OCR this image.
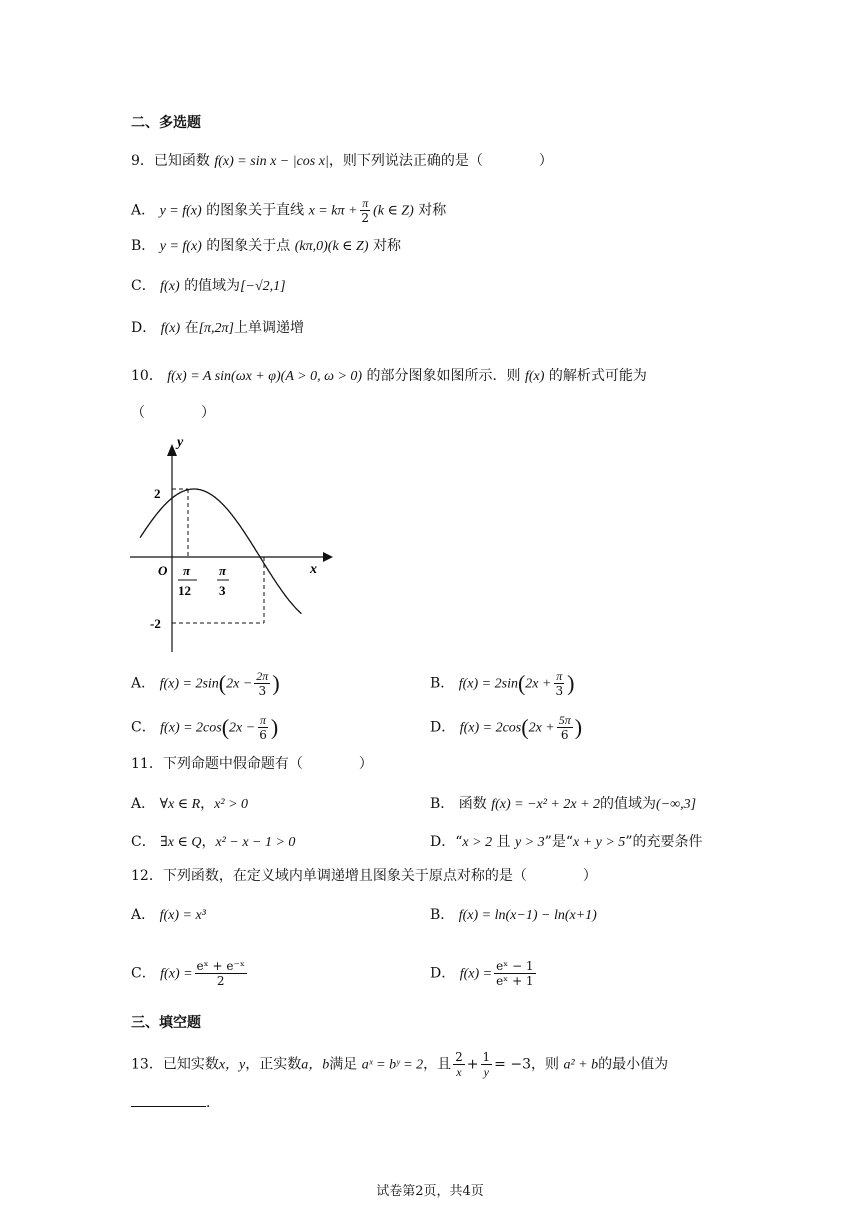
二、多选题
9．已知函数 f(x) = sin x − |cos x|，则下列说法正确的是（　　　　）
A． y = f(x) 的图象关于直线 $x = k\pi + \frac{\pi}{2} (k$ ∈ Z) 对称
B． y = f(x) 的图象关于点 (kπ,0)(k ∈ Z) 对称
C． f(x) 的值域为[−√2,1]
D． f(x) 在[π,2π]上单调递增
10． f(x) = A sin(ωx + φ)(A > 0, ω > 0) 的部分图象如图所示．则 f(x) 的解析式可能为
（　　　　）
y
x
O
2
-2
π
12
π
3
A． $f(x) = 2\sin(2x - \frac{2\pi}{3}$ )	B． $f(x) = 2\sin(2x + \frac{\pi}{3}$ )
C． $f(x) = 2\cos(2x - \frac{\pi}{6}$ )	D． $f(x) = 2\cos(2x + \frac{5\pi}{6}$ )
11．下列命题中假命题有（　　　　）
A． ∀x ∈ R，x² > 0	B． 函数 f(x) = −x² + 2x + 2的值域为(−∞,3]
C． ∃x ∈ Q，x² − x − 1 > 0	D．“x > 2 且 y > 3”是“x + y > 5”的充要条件
12．下列函数，在定义域内单调递增且图象关于原点对称的是（　　　　）
A． f(x) = x³	B． f(x) = ln(x−1) − ln(x+1)
C． $f(x) = \frac{\text{eˣ + e⁻ˣ}}{2}$	D． $f(x) = \frac{\text{eˣ − 1}}{\text{eˣ + 1}}$
三、填空题
13．已知实数x，y，正实数a，b满足 aˣ = bʸ = 2，且 $\frac{2}{x} + \frac{1}{y} = -3$，则 a² + b的最小值为
．
试卷第2页，共4页
